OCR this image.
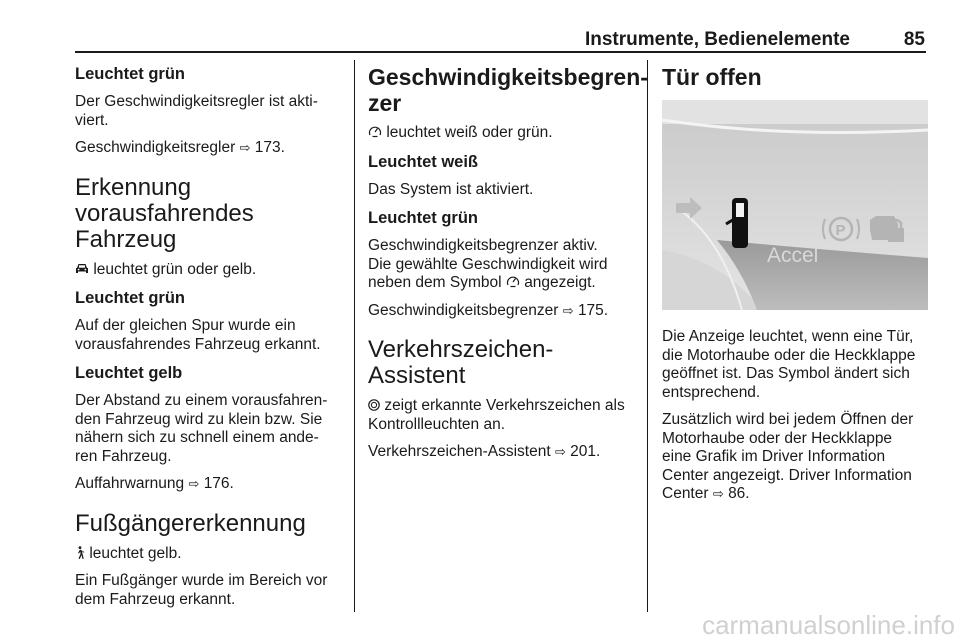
Instrumente, Bedienelemente	85
Leuchtet grün
Der Geschwindigkeitsregler ist akti-
viert.
Geschwindigkeitsregler ⇨ 173.
Erkennung
vorausfahrendes Fahrzeug
leuchtet grün oder gelb.
Leuchtet grün
Auf der gleichen Spur wurde ein
vorausfahrendes Fahrzeug erkannt.
Leuchtet gelb
Der Abstand zu einem vorausfahren-
den Fahrzeug wird zu klein bzw. Sie
nähern sich zu schnell einem ande-
ren Fahrzeug.
Auffahrwarnung ⇨ 176.
Fußgängererkennung
leuchtet gelb.
Ein Fußgänger wurde im Bereich vor
dem Fahrzeug erkannt.
Geschwindigkeitsbegren-
zer
leuchtet weiß oder grün.
Leuchtet weiß
Das System ist aktiviert.
Leuchtet grün
Geschwindigkeitsbegrenzer aktiv.
Die gewählte Geschwindigkeit wird
neben dem Symbol angezeigt.
Geschwindigkeitsbegrenzer ⇨ 175.
Verkehrszeichen-Assistent
zeigt erkannte Verkehrszeichen als
Kontrollleuchten an.
Verkehrszeichen-Assistent ⇨ 201.
Tür offen
Accel
P
Die Anzeige leuchtet, wenn eine Tür,
die Motorhaube oder die Heckklappe
geöffnet ist. Das Symbol ändert sich
entsprechend.
Zusätzlich wird bei jedem Öffnen der
Motorhaube oder der Heckklappe
eine Grafik im Driver Information
Center angezeigt. Driver Information
Center ⇨ 86.
carmanualsonline.info
